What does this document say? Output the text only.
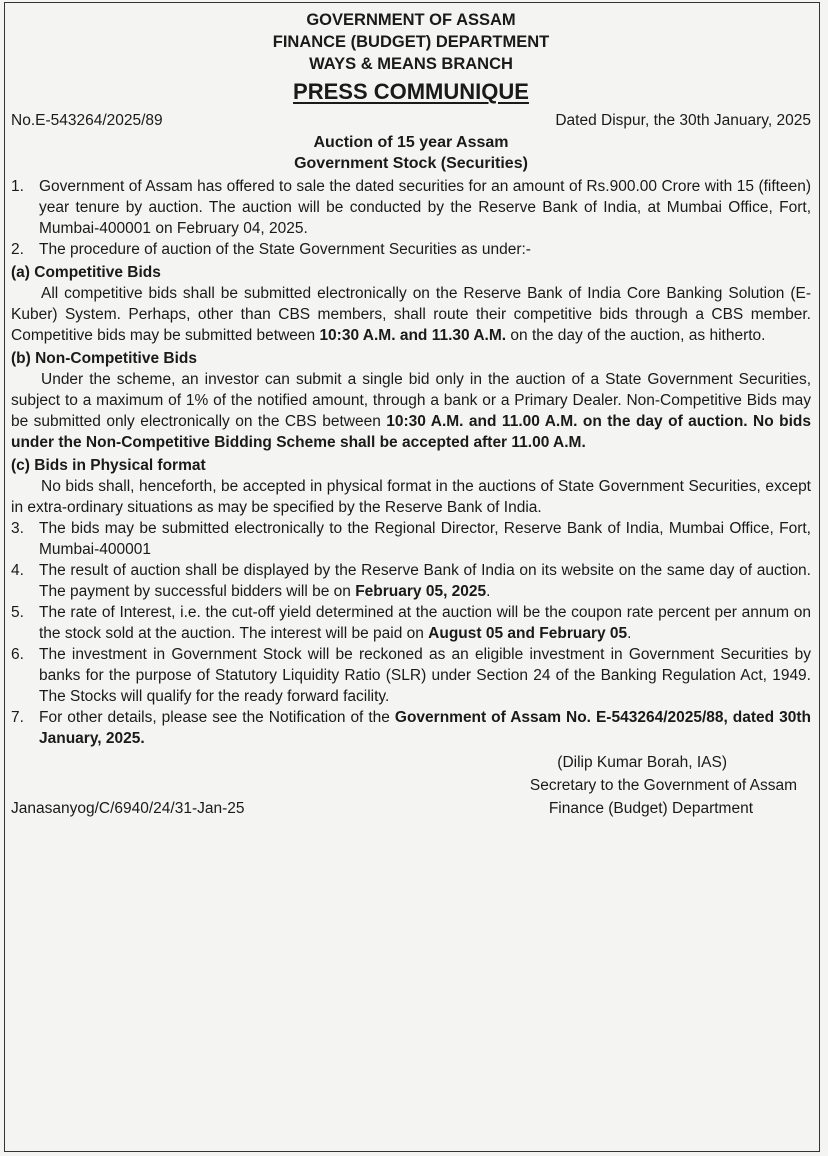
GOVERNMENT OF ASSAM
FINANCE (BUDGET) DEPARTMENT
WAYS & MEANS BRANCH
PRESS COMMUNIQUE
No.E-543264/2025/89	Dated Dispur, the 30th January, 2025
Auction of 15 year Assam
Government Stock (Securities)
1. Government of Assam has offered to sale the dated securities for an amount of Rs.900.00 Crore with 15 (fifteen) year tenure by auction. The auction will be conducted by the Reserve Bank of India, at Mumbai Office, Fort, Mumbai-400001 on February 04, 2025.
2. The procedure of auction of the State Government Securities as under:-
(a) Competitive Bids
All competitive bids shall be submitted electronically on the Reserve Bank of India Core Banking Solution (E-Kuber) System. Perhaps, other than CBS members, shall route their competitive bids through a CBS member. Competitive bids may be submitted between 10:30 A.M. and 11.30 A.M. on the day of the auction, as hitherto.
(b) Non-Competitive Bids
Under the scheme, an investor can submit a single bid only in the auction of a State Government Securities, subject to a maximum of 1% of the notified amount, through a bank or a Primary Dealer. Non-Competitive Bids may be submitted only electronically on the CBS between 10:30 A.M. and 11.00 A.M. on the day of auction. No bids under the Non-Competitive Bidding Scheme shall be accepted after 11.00 A.M.
(c) Bids in Physical format
No bids shall, henceforth, be accepted in physical format in the auctions of State Government Securities, except in extra-ordinary situations as may be specified by the Reserve Bank of India.
3. The bids may be submitted electronically to the Regional Director, Reserve Bank of India, Mumbai Office, Fort, Mumbai-400001
4. The result of auction shall be displayed by the Reserve Bank of India on its website on the same day of auction. The payment by successful bidders will be on February 05, 2025.
5. The rate of Interest, i.e. the cut-off yield determined at the auction will be the coupon rate percent per annum on the stock sold at the auction. The interest will be paid on August 05 and February 05.
6. The investment in Government Stock will be reckoned as an eligible investment in Government Securities by banks for the purpose of Statutory Liquidity Ratio (SLR) under Section 24 of the Banking Regulation Act, 1949. The Stocks will qualify for the ready forward facility.
7. For other details, please see the Notification of the Government of Assam No. E-543264/2025/88, dated 30th January, 2025.
(Dilip Kumar Borah, IAS)
Secretary to the Government of Assam
Janasanyog/C/6940/24/31-Jan-25	Finance (Budget) Department
